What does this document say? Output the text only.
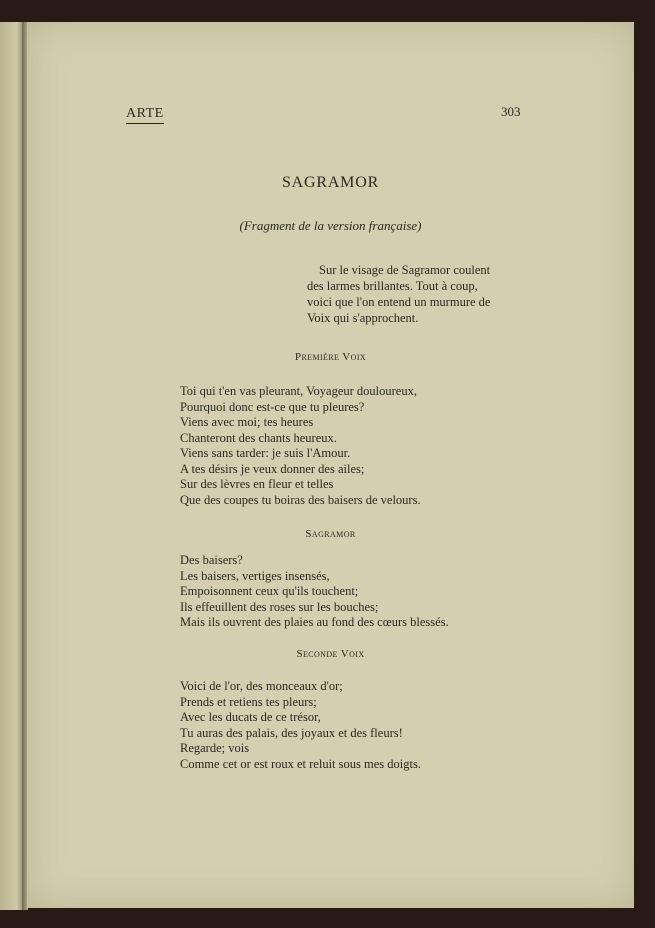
ARTE	303
SAGRAMOR
(Fragment de la version française)
Sur le visage de Sagramor coulent
des larmes brillantes. Tout à coup,
voici que l'on entend un murmure de
Voix qui s'approchent.
Première Voix
Toi qui t'en vas pleurant, Voyageur douloureux,
Pourquoi donc est-ce que tu pleures?
Viens avec moi; tes heures
Chanteront des chants heureux.
Viens sans tarder: je suis l'Amour.
A tes désirs je veux donner des ailes;
Sur des lèvres en fleur et telles
Que des coupes tu boiras des baisers de velours.
Sagramor
Des baisers?
Les baisers, vertiges insensés,
Empoisonnent ceux qu'ils touchent;
Ils effeuillent des roses sur les bouches;
Mais ils ouvrent des plaies au fond des cœurs blessés.
Seconde Voix
Voici de l'or, des monceaux d'or;
Prends et retiens tes pleurs;
Avec les ducats de ce trésor,
Tu auras des palais, des joyaux et des fleurs!
Regarde; vois
Comme cet or est roux et reluit sous mes doigts.
